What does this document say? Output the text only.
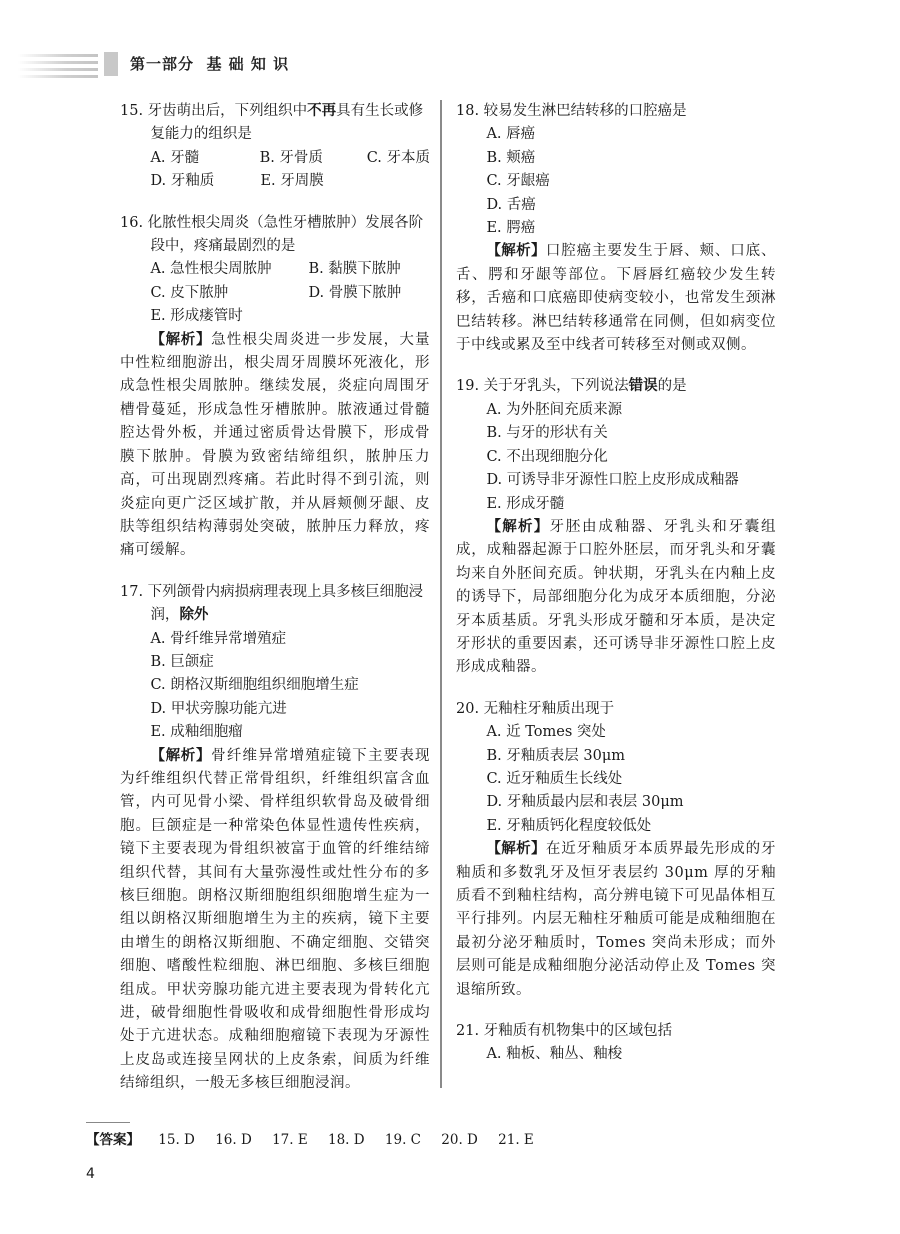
第一部分  基 础 知 识
15. 牙齿萌出后，下列组织中不再具有生长或修复能力的组织是
A. 牙髓	B. 牙骨质	C. 牙本质
D. 牙釉质	E. 牙周膜
16. 化脓性根尖周炎（急性牙槽脓肿）发展各阶段中，疼痛最剧烈的是
A. 急性根尖周脓肿	B. 黏膜下脓肿
C. 皮下脓肿	D. 骨膜下脓肿
E. 形成瘘管时
【解析】急性根尖周炎进一步发展，大量中性粒细胞游出，根尖周牙周膜坏死液化，形成急性根尖周脓肿。继续发展，炎症向周围牙槽骨蔓延，形成急性牙槽脓肿。脓液通过骨髓腔达骨外板，并通过密质骨达骨膜下，形成骨膜下脓肿。骨膜为致密结缔组织，脓肿压力高，可出现剧烈疼痛。若此时得不到引流，则炎症向更广泛区域扩散，并从唇颊侧牙龈、皮肤等组织结构薄弱处突破，脓肿压力释放，疼痛可缓解。
17. 下列颌骨内病损病理表现上具多核巨细胞浸润，除外
A. 骨纤维异常增殖症
B. 巨颌症
C. 朗格汉斯细胞组织细胞增生症
D. 甲状旁腺功能亢进
E. 成釉细胞瘤
【解析】骨纤维异常增殖症镜下主要表现为纤维组织代替正常骨组织，纤维组织富含血管，内可见骨小梁、骨样组织软骨岛及破骨细胞。巨颌症是一种常染色体显性遗传性疾病，镜下主要表现为骨组织被富于血管的纤维结缔组织代替，其间有大量弥漫性或灶性分布的多核巨细胞。朗格汉斯细胞组织细胞增生症为一组以朗格汉斯细胞增生为主的疾病，镜下主要由增生的朗格汉斯细胞、不确定细胞、交错突细胞、嗜酸性粒细胞、淋巴细胞、多核巨细胞组成。甲状旁腺功能亢进主要表现为骨转化亢进，破骨细胞性骨吸收和成骨细胞性骨形成均处于亢进状态。成釉细胞瘤镜下表现为牙源性上皮岛或连接呈网状的上皮条索，间质为纤维结缔组织，一般无多核巨细胞浸润。
18. 较易发生淋巴结转移的口腔癌是
A. 唇癌
B. 颊癌
C. 牙龈癌
D. 舌癌
E. 腭癌
【解析】口腔癌主要发生于唇、颊、口底、舌、腭和牙龈等部位。下唇唇红癌较少发生转移，舌癌和口底癌即使病变较小，也常发生颈淋巴结转移。淋巴结转移通常在同侧，但如病变位于中线或累及至中线者可转移至对侧或双侧。
19. 关于牙乳头，下列说法错误的是
A. 为外胚间充质来源
B. 与牙的形状有关
C. 不出现细胞分化
D. 可诱导非牙源性口腔上皮形成成釉器
E. 形成牙髓
【解析】牙胚由成釉器、牙乳头和牙囊组成，成釉器起源于口腔外胚层，而牙乳头和牙囊均来自外胚间充质。钟状期，牙乳头在内釉上皮的诱导下，局部细胞分化为成牙本质细胞，分泌牙本质基质。牙乳头形成牙髓和牙本质，是决定牙形状的重要因素，还可诱导非牙源性口腔上皮形成成釉器。
20. 无釉柱牙釉质出现于
A. 近 Tomes 突处
B. 牙釉质表层 30μm
C. 近牙釉质生长线处
D. 牙釉质最内层和表层 30μm
E. 牙釉质钙化程度较低处
【解析】在近牙釉质牙本质界最先形成的牙釉质和多数乳牙及恒牙表层约 30μm 厚的牙釉质看不到釉柱结构，高分辨电镜下可见晶体相互平行排列。内层无釉柱牙釉质可能是成釉细胞在最初分泌牙釉质时，Tomes 突尚未形成；而外层则可能是成釉细胞分泌活动停止及 Tomes 突退缩所致。
21. 牙釉质有机物集中的区域包括
A. 釉板、釉丛、釉梭
【答案】 15. D 16. D 17. E 18. D 19. C 20. D 21. E
4
